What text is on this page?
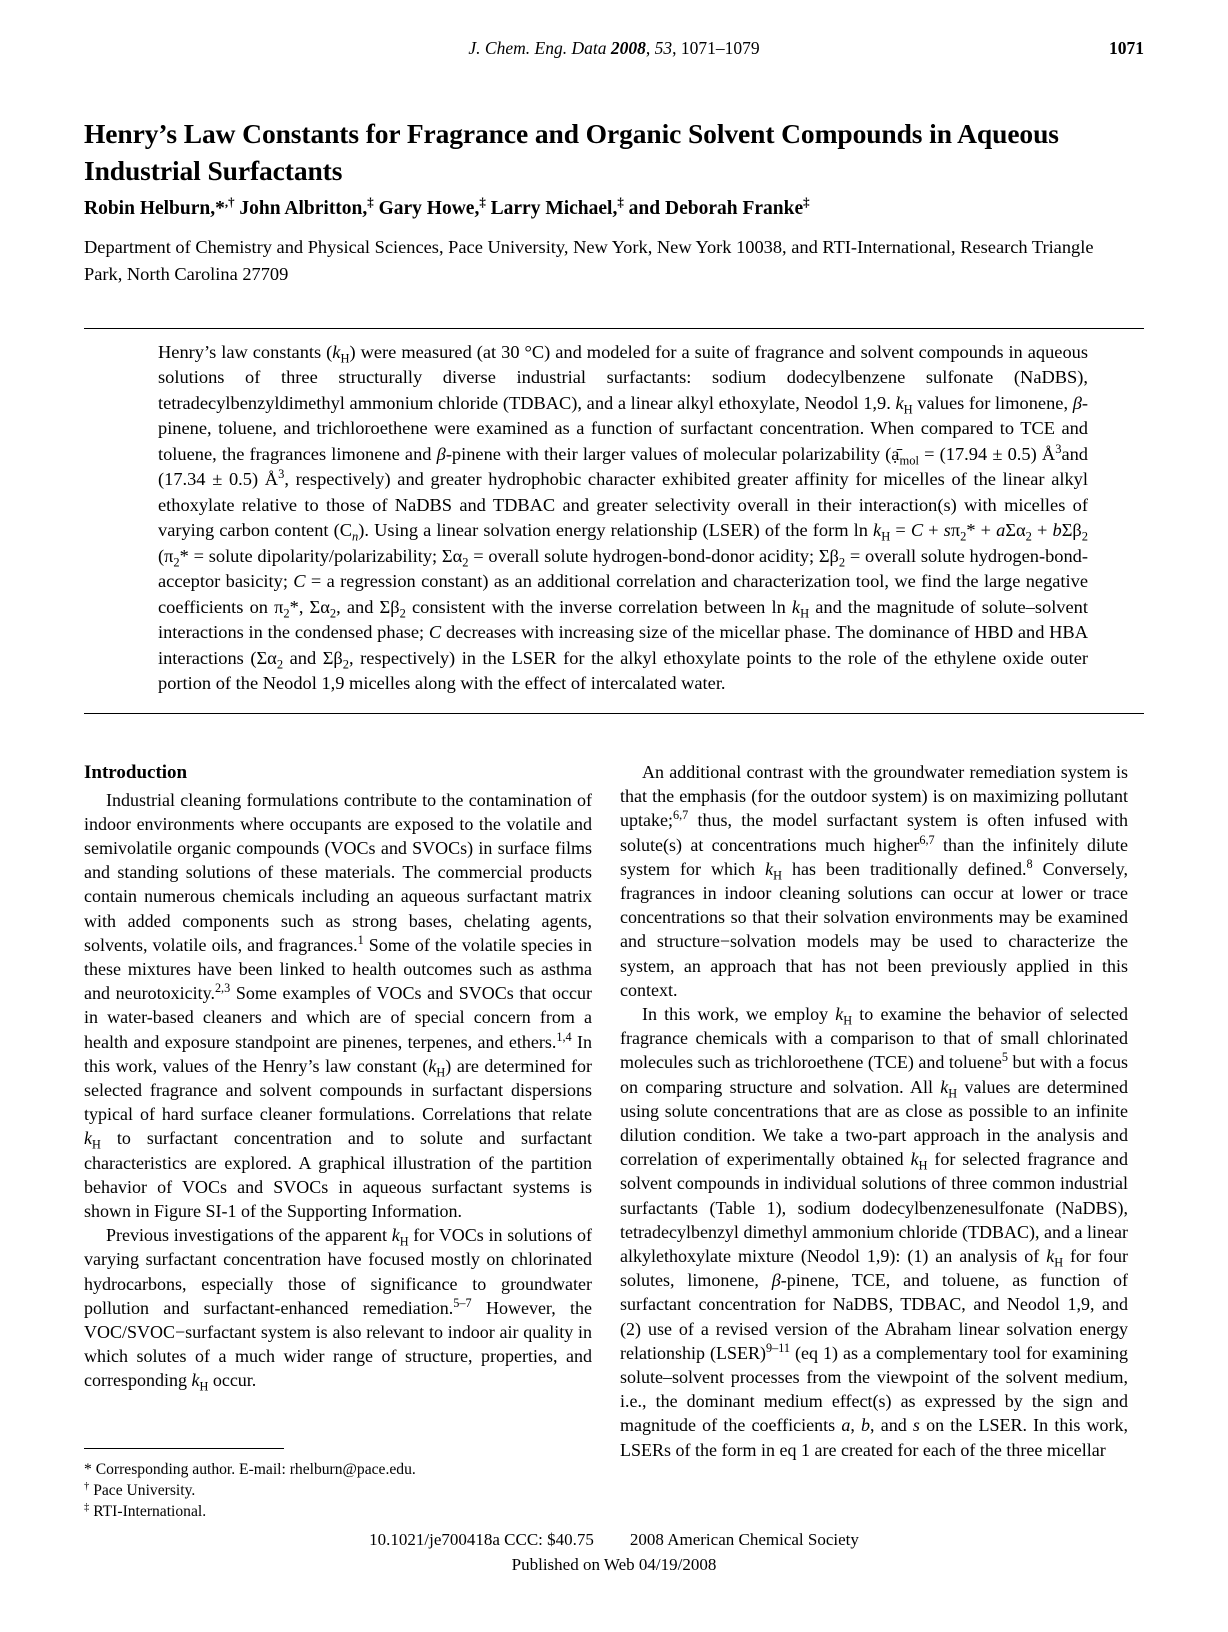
J. Chem. Eng. Data 2008, 53, 1071–1079	1071
Henry’s Law Constants for Fragrance and Organic Solvent Compounds in Aqueous Industrial Surfactants
Robin Helburn,*,† John Albritton,‡ Gary Howe,‡ Larry Michael,‡ and Deborah Franke‡
Department of Chemistry and Physical Sciences, Pace University, New York, New York 10038, and RTI-International, Research Triangle Park, North Carolina 27709

Henry’s law constants $(k_H)$ were measured (at 30 °C) and modeled for a suite of fragrance and solvent compounds in aqueous solutions of three structurally diverse industrial surfactants: sodium dodecylbenzene sulfonate (NaDBS), tetradecylbenzyldimethyl ammonium chloride (TDBAC), and a linear alkyl ethoxylate, Neodol 1,9. $k_H$ values for limonene, β-pinene, toluene, and trichloroethene were examined as a function of surfactant concentration. When compared to TCE and toluene, the fragrances limonene and β-pinene with their larger values of molecular polarizability ($ạ̄_{mol} = (17.94 \pm 0.5)$ $Å^3and$ (17.34 ± 0.5) $Å^3$, respectively) and greater hydrophobic character exhibited greater affinity for micelles of the linear alkyl ethoxylate relative to those of NaDBS and TDBAC and greater selectivity overall in their interaction(s) with micelles of varying carbon content $(C_n)$. Using a linear solvation energy relationship (LSER) of the form $\ln k_H = C + s\pi_2* + a\Sigma\alpha_2 + b\Sigma\beta_2$ ($\pi_2*$ = solute dipolarity/polarizability; $\Sigma\alpha_2$ = overall solute hydrogen-bond-donor acidity; $\Sigma\beta_2$ = overall solute hydrogen-bond-acceptor basicity; C = a regression constant) as an additional correlation and characterization tool, we find the large negative coefficients on $\pi_2*$, $\Sigma\alpha_2$, and $\Sigma\beta_2$ consistent with the inverse correlation between $\ln k_H$ and the magnitude of solute–solvent interactions in the condensed phase; C decreases with increasing size of the micellar phase. The dominance of HBD and HBA interactions ($\Sigma\alpha_2$ and $\Sigma\beta_2$, respectively) in the LSER for the alkyl ethoxylate points to the role of the ethylene oxide outer portion of the Neodol 1,9 micelles along with the effect of intercalated water.

Introduction

Industrial cleaning formulations contribute to the contamination of indoor environments where occupants are exposed to the volatile and semivolatile organic compounds (VOCs and SVOCs) in surface films and standing solutions of these materials. The commercial products contain numerous chemicals including an aqueous surfactant matrix with added components such as strong bases, chelating agents, solvents, volatile oils, and fragrances.$^1$ Some of the volatile species in these mixtures have been linked to health outcomes such as asthma and neurotoxicity.$^{2,3}$ Some examples of VOCs and SVOCs that occur in water-based cleaners and which are of special concern from a health and exposure standpoint are pinenes, terpenes, and ethers.$^{1,4}$ In this work, values of the Henry’s law constant $(k_H)$ are determined for selected fragrance and solvent compounds in surfactant dispersions typical of hard surface cleaner formulations. Correlations that relate $k_H$ to surfactant concentration and to solute and surfactant characteristics are explored. A graphical illustration of the partition behavior of VOCs and SVOCs in aqueous surfactant systems is shown in Figure SI-1 of the Supporting Information.

Previous investigations of the apparent $k_H$ for VOCs in solutions of varying surfactant concentration have focused mostly on chlorinated hydrocarbons, especially those of significance to groundwater pollution and surfactant-enhanced remediation.$^{5-7}$ However, the VOC/SVOC−surfactant system is also relevant to indoor air quality in which solutes of a much wider range of structure, properties, and corresponding $k_H$ occur.

An additional contrast with the groundwater remediation system is that the emphasis (for the outdoor system) is on maximizing pollutant uptake;$^{6,7}$ thus, the model surfactant system is often infused with solute(s) at concentrations much higher$^{6,7}$ than the infinitely dilute system for which $k_H$ has been traditionally defined.$^8$ Conversely, fragrances in indoor cleaning solutions can occur at lower or trace concentrations so that their solvation environments may be examined and structure−solvation models may be used to characterize the system, an approach that has not been previously applied in this context.

In this work, we employ $k_H$ to examine the behavior of selected fragrance chemicals with a comparison to that of small chlorinated molecules such as trichloroethene (TCE) and toluene$^5$ but with a focus on comparing structure and solvation. All $k_H$ values are determined using solute concentrations that are as close as possible to an infinite dilution condition. We take a two-part approach in the analysis and correlation of experimentally obtained $k_H$ for selected fragrance and solvent compounds in individual solutions of three common industrial surfactants (Table 1), sodium dodecylbenzenesulfonate (NaDBS), tetradecylbenzyl dimethyl ammonium chloride (TDBAC), and a linear alkylethoxylate mixture (Neodol 1,9): (1) an analysis of $k_H$ for four solutes, limonene, β-pinene, TCE, and toluene, as function of surfactant concentration for NaDBS, TDBAC, and Neodol 1,9, and (2) use of a revised version of the Abraham linear solvation energy relationship (LSER)$^{9-11}$ (eq 1) as a complementary tool for examining solute–solvent processes from the viewpoint of the solvent medium, i.e., the dominant medium effect(s) as expressed by the sign and magnitude of the coefficients a, b, and s on the LSER. In this work, LSERs of the form in eq 1 are created for each of the three micellar

* Corresponding author. E-mail: rhelburn@pace.edu.

† Pace University.

‡ RTI-International.

10.1021/je700418a CCC: $40.75 2008 American Chemical Society
Published on Web 04/19/2008
